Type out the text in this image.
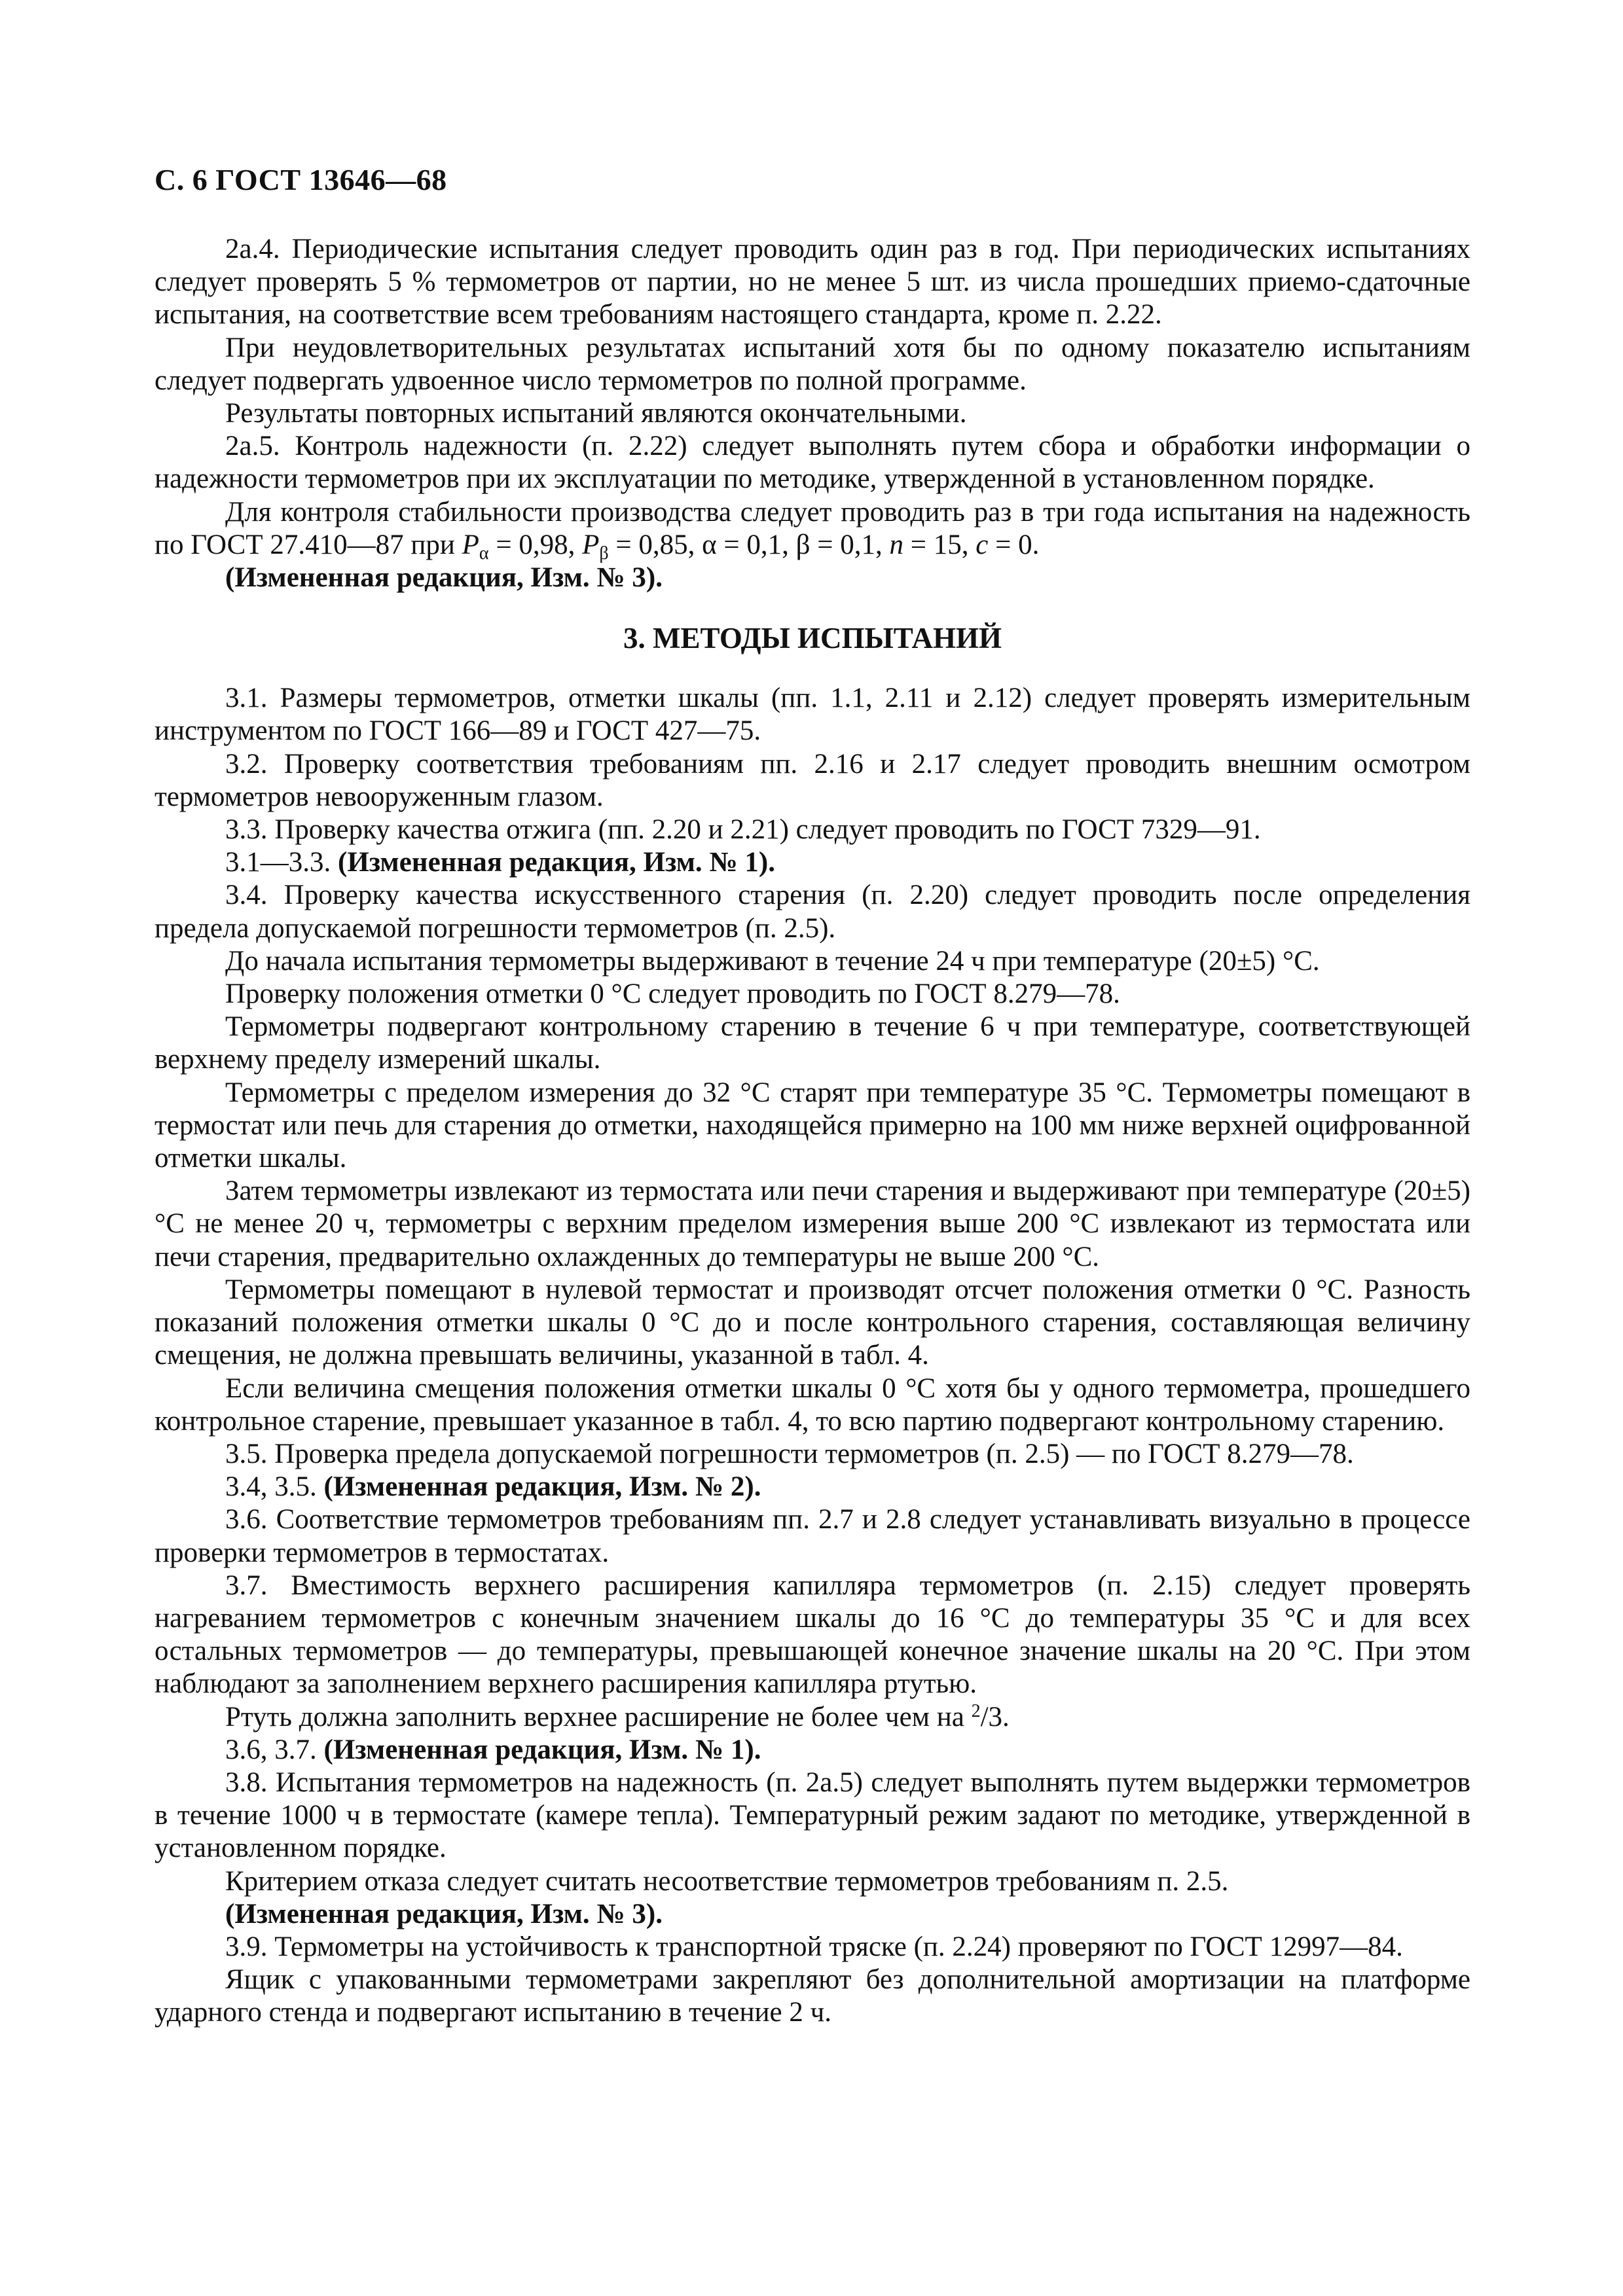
С. 6 ГОСТ 13646—68

2а.4. Периодические испытания следует проводить один раз в год. При периодических испытаниях следует проверять 5 % термометров от партии, но не менее 5 шт. из числа прошедших приемо-сдаточные испытания, на соответствие всем требованиям настоящего стандарта, кроме п. 2.22.

При неудовлетворительных результатах испытаний хотя бы по одному показателю испытаниям следует подвергать удвоенное число термометров по полной программе.

Результаты повторных испытаний являются окончательными.

2а.5. Контроль надежности (п. 2.22) следует выполнять путем сбора и обработки информации о надежности термометров при их эксплуатации по методике, утвержденной в установленном порядке.

Для контроля стабильности производства следует проводить раз в три года испытания на надежность по ГОСТ 27.410—87 при $P_\alpha = 0,98$, $P_\beta = 0,85$, α = 0,1, β = 0,1, n = 15, c = 0.

(Измененная редакция, Изм. № 3).

3. МЕТОДЫ ИСПЫТАНИЙ

3.1. Размеры термометров, отметки шкалы (пп. 1.1, 2.11 и 2.12) следует проверять измерительным инструментом по ГОСТ 166—89 и ГОСТ 427—75.

3.2. Проверку соответствия требованиям пп. 2.16 и 2.17 следует проводить внешним осмотром термометров невооруженным глазом.

3.3. Проверку качества отжига (пп. 2.20 и 2.21) следует проводить по ГОСТ 7329—91.

3.1—3.3. (Измененная редакция, Изм. № 1).

3.4. Проверку качества искусственного старения (п. 2.20) следует проводить после определения предела допускаемой погрешности термометров (п. 2.5).

До начала испытания термометры выдерживают в течение 24 ч при температуре (20±5) °С.

Проверку положения отметки 0 °С следует проводить по ГОСТ 8.279—78.

Термометры подвергают контрольному старению в течение 6 ч при температуре, соответствующей верхнему пределу измерений шкалы.

Термометры с пределом измерения до 32 °С старят при температуре 35 °С. Термометры помещают в термостат или печь для старения до отметки, находящейся примерно на 100 мм ниже верхней оцифрованной отметки шкалы.

Затем термометры извлекают из термостата или печи старения и выдерживают при температуре (20±5) °С не менее 20 ч, термометры с верхним пределом измерения выше 200 °С извлекают из термостата или печи старения, предварительно охлажденных до температуры не выше 200 °С.

Термометры помещают в нулевой термостат и производят отсчет положения отметки 0 °С. Разность показаний положения отметки шкалы 0 °С до и после контрольного старения, составляющая величину смещения, не должна превышать величины, указанной в табл. 4.

Если величина смещения положения отметки шкалы 0 °С хотя бы у одного термометра, прошедшего контрольное старение, превышает указанное в табл. 4, то всю партию подвергают контрольному старению.

3.5. Проверка предела допускаемой погрешности термометров (п. 2.5) — по ГОСТ 8.279—78.

3.4, 3.5. (Измененная редакция, Изм. № 2).

3.6. Соответствие термометров требованиям пп. 2.7 и 2.8 следует устанавливать визуально в процессе проверки термометров в термостатах.

3.7. Вместимость верхнего расширения капилляра термометров (п. 2.15) следует проверять нагреванием термометров с конечным значением шкалы до 16 °С до температуры 35 °С и для всех остальных термометров — до температуры, превышающей конечное значение шкалы на 20 °С. При этом наблюдают за заполнением верхнего расширения капилляра ртутью.

Ртуть должна заполнить верхнее расширение не более чем на $^2$/3.

3.6, 3.7. (Измененная редакция, Изм. № 1).

3.8. Испытания термометров на надежность (п. 2а.5) следует выполнять путем выдержки термометров в течение 1000 ч в термостате (камере тепла). Температурный режим задают по методике, утвержденной в установленном порядке.

Критерием отказа следует считать несоответствие термометров требованиям п. 2.5.

(Измененная редакция, Изм. № 3).

3.9. Термометры на устойчивость к транспортной тряске (п. 2.24) проверяют по ГОСТ 12997—84.

Ящик с упакованными термометрами закрепляют без дополнительной амортизации на платформе ударного стенда и подвергают испытанию в течение 2 ч.
